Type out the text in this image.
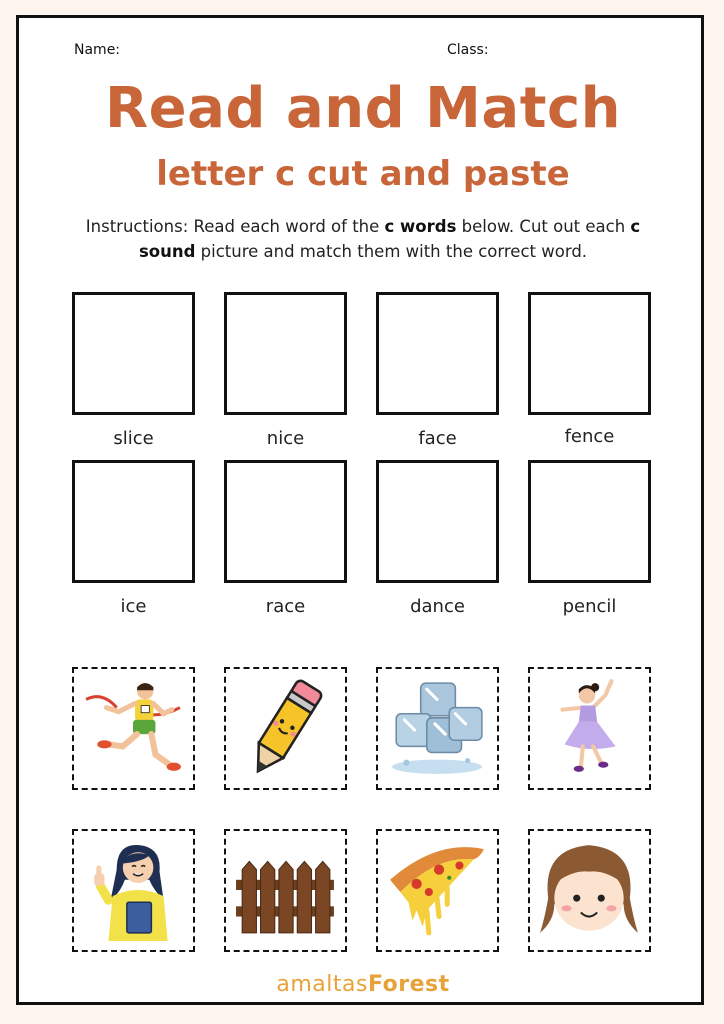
Name:	Class:
Read and Match
letter c cut and paste
Instructions: Read each word of the c words below. Cut out each c sound picture and match them with the correct word.
slice	nice	face	fence
ice	race	dance	pencil
amaltasForest
